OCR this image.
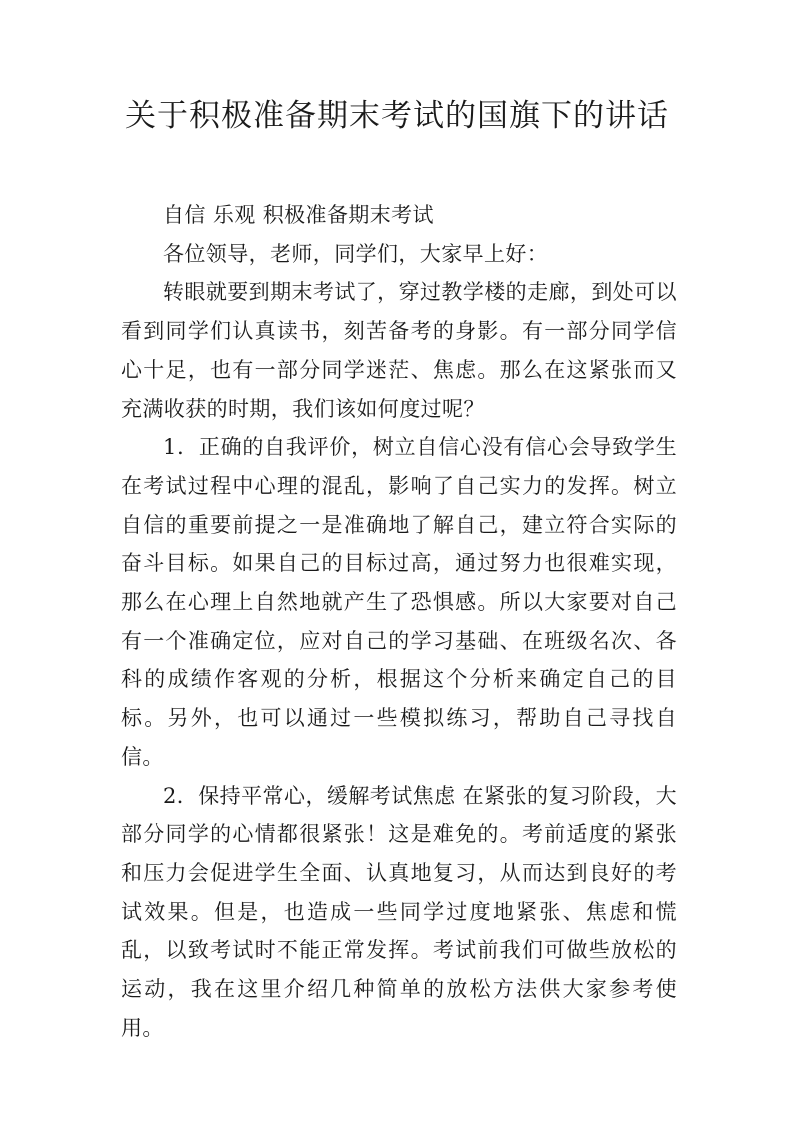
关于积极准备期末考试的国旗下的讲话

自信 乐观 积极准备期末考试

各位领导，老师，同学们，大家早上好：

转眼就要到期末考试了，穿过教学楼的走廊，到处可以看到同学们认真读书，刻苦备考的身影。有一部分同学信心十足，也有一部分同学迷茫、焦虑。那么在这紧张而又充满收获的时期，我们该如何度过呢？

1．正确的自我评价，树立自信心没有信心会导致学生在考试过程中心理的混乱，影响了自己实力的发挥。树立自信的重要前提之一是准确地了解自己，建立符合实际的奋斗目标。如果自己的目标过高，通过努力也很难实现，那么在心理上自然地就产生了恐惧感。所以大家要对自己有一个准确定位，应对自己的学习基础、在班级名次、各科的成绩作客观的分析，根据这个分析来确定自己的目标。另外，也可以通过一些模拟练习，帮助自己寻找自信。

2．保持平常心，缓解考试焦虑 在紧张的复习阶段，大部分同学的心情都很紧张！这是难免的。考前适度的紧张和压力会促进学生全面、认真地复习，从而达到良好的考试效果。但是，也造成一些同学过度地紧张、焦虑和慌乱，以致考试时不能正常发挥。考试前我们可做些放松的运动，我在这里介绍几种简单的放松方法供大家参考使用。
